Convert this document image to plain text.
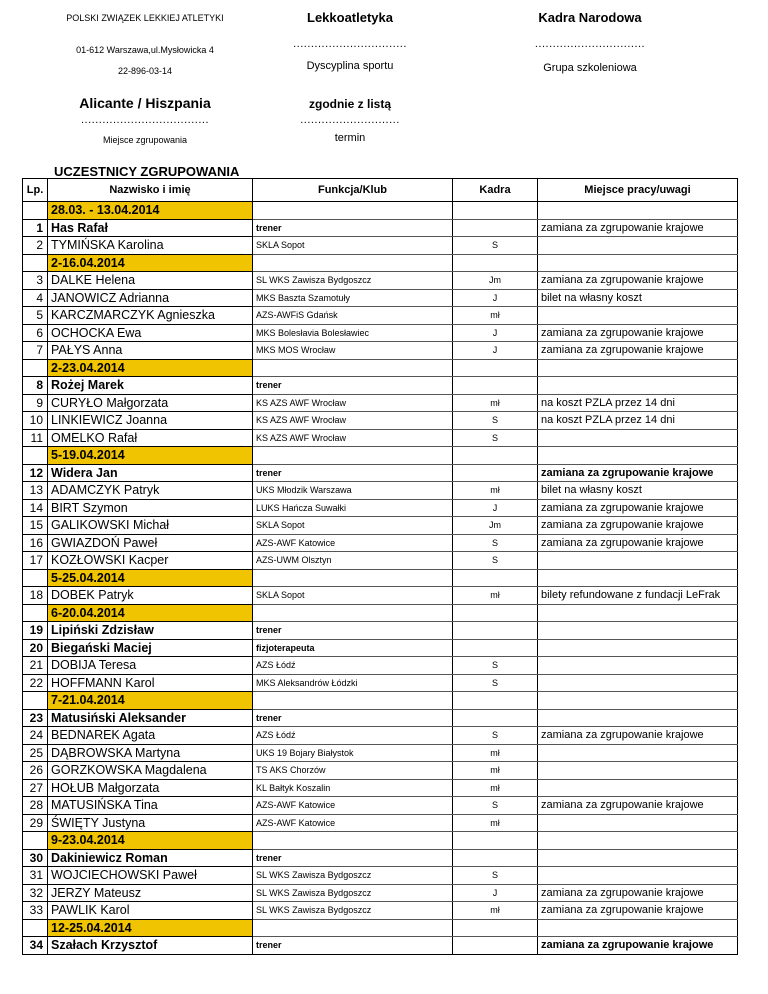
POLSKI ZWIĄZEK LEKKIEJ ATLETYKI
01-612 Warszawa,ul.Mysłowicka 4
22-896-03-14
Lekkoatletyka
................................
Dyscyplina sportu
Kadra Narodowa
...............................
Grupa szkoleniowa
Alicante / Hiszpania
....................................
Miejsce zgrupowania
zgodnie z listą
............................
termin
UCZESTNICY ZGRUPOWANIA
Lp.	Nazwisko i imię	Funkcja/Klub	Kadra	Miejsce pracy/uwagi
	28.03. - 13.04.2014			
1	Has Rafał	trener		zamiana za zgrupowanie krajowe
2	TYMIŃSKA Karolina	SKLA Sopot	S	
	2-16.04.2014			
3	DALKE Helena	SL WKS Zawisza Bydgoszcz	Jm	zamiana za zgrupowanie krajowe
4	JANOWICZ Adrianna	MKS Baszta Szamotuły	J	bilet na własny koszt
5	KARCZMARCZYK Agnieszka	AZS-AWFiS Gdańsk	mł	
6	OCHOCKA Ewa	MKS Bolesłavia Bolesławiec	J	zamiana za zgrupowanie krajowe
7	PAŁYS Anna	MKS MOS Wrocław	J	zamiana za zgrupowanie krajowe
	2-23.04.2014			
8	Rożej Marek	trener		
9	CURYŁO Małgorzata	KS AZS AWF Wrocław	mł	na koszt PZLA przez 14 dni
10	LINKIEWICZ Joanna	KS AZS AWF Wrocław	S	na koszt PZLA przez 14 dni
11	OMELKO Rafał	KS AZS AWF Wrocław	S	
	5-19.04.2014			
12	Widera Jan	trener		zamiana za zgrupowanie krajowe
13	ADAMCZYK Patryk	UKS Młodzik Warszawa	mł	bilet na własny koszt
14	BIRT Szymon	LUKS Hańcza Suwałki	J	zamiana za zgrupowanie krajowe
15	GALIKOWSKI Michał	SKLA Sopot	Jm	zamiana za zgrupowanie krajowe
16	GWIAZDOŃ Paweł	AZS-AWF Katowice	S	zamiana za zgrupowanie krajowe
17	KOZŁOWSKI Kacper	AZS-UWM Olsztyn	S	
	5-25.04.2014			
18	DOBEK Patryk	SKLA Sopot	mł	bilety refundowane z fundacji LeFrak
	6-20.04.2014			
19	Lipiński Zdzisław	trener		
20	Biegański Maciej	fizjoterapeuta		
21	DOBIJA Teresa	AZS Łódź	S	
22	HOFFMANN Karol	MKS Aleksandrów Łódzki	S	
	7-21.04.2014			
23	Matusiński Aleksander	trener		
24	BEDNAREK Agata	AZS Łódź	S	zamiana za zgrupowanie krajowe
25	DĄBROWSKA Martyna	UKS 19 Bojary Białystok	mł	
26	GORZKOWSKA Magdalena	TS AKS Chorzów	mł	
27	HOŁUB Małgorzata	KL Bałtyk Koszalin	mł	
28	MATUSIŃSKA Tina	AZS-AWF Katowice	S	zamiana za zgrupowanie krajowe
29	ŚWIĘTY Justyna	AZS-AWF Katowice	mł	
	9-23.04.2014			
30	Dakiniewicz Roman	trener		
31	WOJCIECHOWSKI Paweł	SL WKS Zawisza Bydgoszcz	S	
32	JERZY Mateusz	SL WKS Zawisza Bydgoszcz	J	zamiana za zgrupowanie krajowe
33	PAWLIK Karol	SL WKS Zawisza Bydgoszcz	mł	zamiana za zgrupowanie krajowe
	12-25.04.2014			
34	Szałach Krzysztof	trener		zamiana za zgrupowanie krajowe
